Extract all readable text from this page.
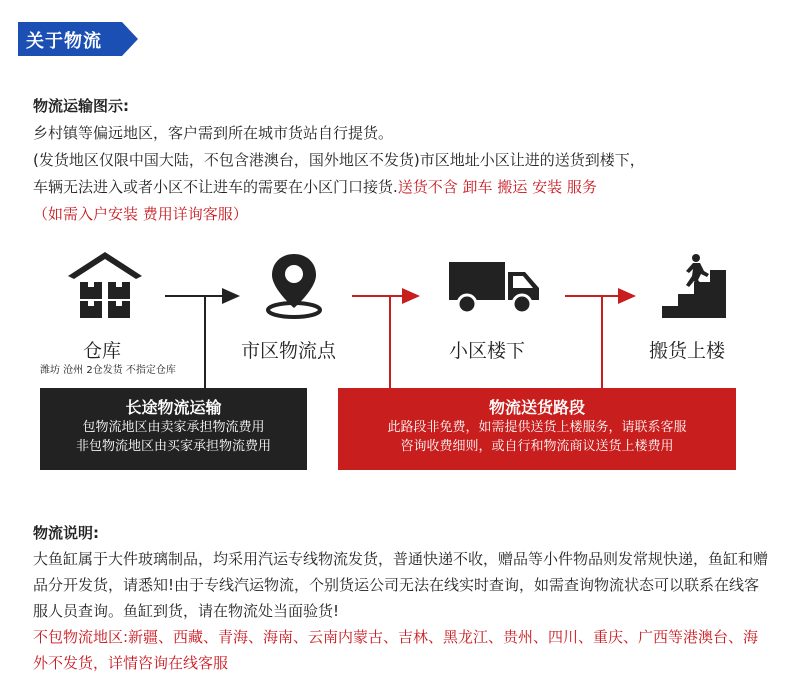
关于物流
物流运输图示:
乡村镇等偏远地区，客户需到所在城市货站自行提货。
(发货地区仅限中国大陆，不包含港澳台，国外地区不发货)市区地址小区让进的送货到楼下，
车辆无法进入或者小区不让进车的需要在小区门口接货.送货不含 卸车 搬运 安装 服务
（如需入户安装 费用详询客服）
仓库	市区物流点	小区楼下	搬货上楼
潍坊 沧州 2仓发货 不指定仓库
长途物流运输
包物流地区由卖家承担物流费用
非包物流地区由买家承担物流费用
物流送货路段
此路段非免费，如需提供送货上楼服务，请联系客服
咨询收费细则，或自行和物流商议送货上楼费用
物流说明:
大鱼缸属于大件玻璃制品，均采用汽运专线物流发货，普通快递不收，赠品等小件物品则发常规快递，鱼缸和赠品分开发货，请悉知!由于专线汽运物流，个别货运公司无法在线实时查询，如需查询物流状态可以联系在线客服人员查询。鱼缸到货，请在物流处当面验货!
不包物流地区:新疆、西藏、青海、海南、云南内蒙古、吉林、黑龙江、贵州、四川、重庆、广西等港澳台、海外不发货，详情咨询在线客服
